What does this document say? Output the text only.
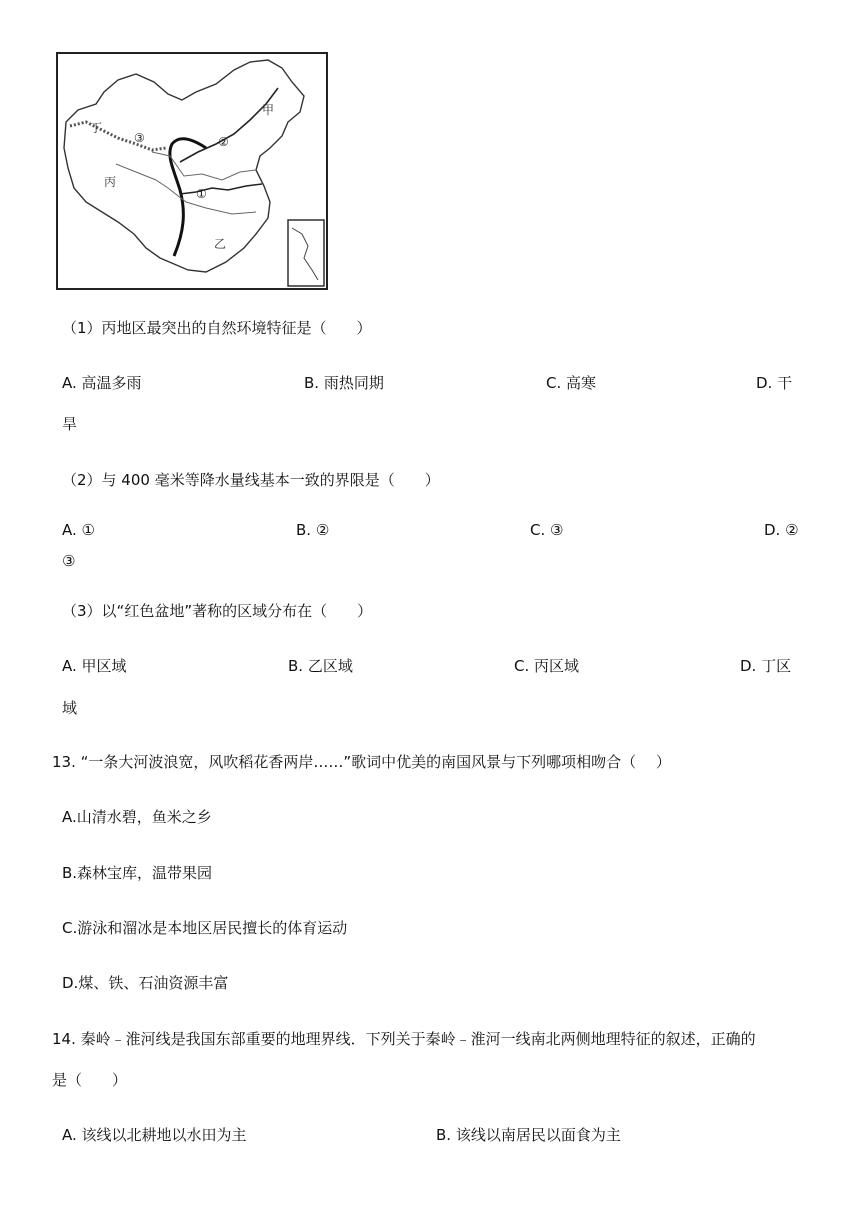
甲
乙
丙
丁
①
②
③
（1）丙地区最突出的自然环境特征是（　　）
A. 高温多雨	B. 雨热同期	C. 高寒	D. 干
旱
（2）与 400 毫米等降水量线基本一致的界限是（　　）
A. ①	B. ②	C. ③	D. ②
③
（3）以“红色盆地”著称的区域分布在（　　）
A. 甲区域	B. 乙区域	C. 丙区域	D. 丁区
域
13. “一条大河波浪宽，风吹稻花香两岸……”歌词中优美的南国风景与下列哪项相吻合（　 ）
A.山清水碧，鱼米之乡
B.森林宝库，温带果园
C.游泳和溜冰是本地区居民擅长的体育运动
D.煤、铁、石油资源丰富
14. 秦岭﹣淮河线是我国东部重要的地理界线．下列关于秦岭﹣淮河一线南北两侧地理特征的叙述，正确的
是（　　）
A. 该线以北耕地以水田为主	B. 该线以南居民以面食为主
